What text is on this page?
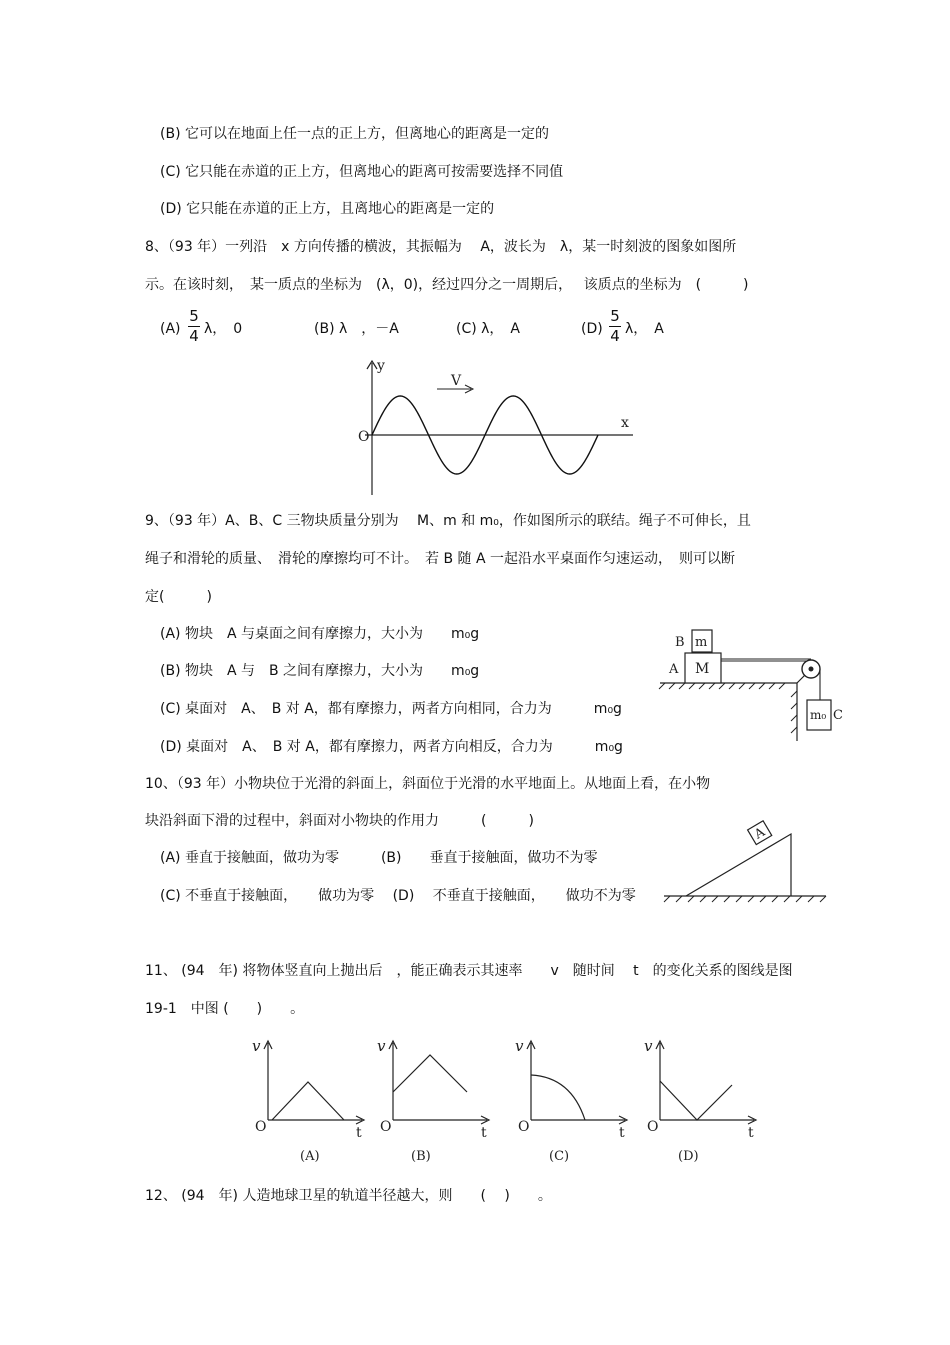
(B) 它可以在地面上任一点的正上方，但离地心的距离是一定的
(C) 它只能在赤道的正上方，但离地心的距离可按需要选择不同值
(D) 它只能在赤道的正上方，且离地心的距离是一定的
8、（93 年）一列沿　x 方向传播的横波，其振幅为　 A，波长为　λ，某一时刻波的图象如图所
示。在该时刻，　某一质点的坐标为　(λ，0)，经过四分之一周期后，　 该质点的坐标为　(　　　)
(A)
5
4 λ，　0	(B) λ　，－A	(C) λ，　A	(D)
5
4 λ，　A
V
y
x
O
9、（93 年）A、B、C 三物块质量分别为　 M、m 和 m₀，作如图所示的联结。绳子不可伸长，且
绳子和滑轮的质量、　滑轮的摩擦均可不计。　若 B 随 A 一起沿水平桌面作匀速运动，　则可以断
定(　　　)
(A) 物块　A 与桌面之间有摩擦力，大小为　　m₀g
(B) 物块　A 与　B 之间有摩擦力，大小为　　m₀g
(C) 桌面对　A、　B 对 A，都有摩擦力，两者方向相同，合力为　　　m₀g
(D) 桌面对　A、　B 对 A，都有摩擦力，两者方向相反，合力为　　　m₀g
B m
A M
m₀ C
10、（93 年）小物块位于光滑的斜面上，斜面位于光滑的水平地面上。从地面上看，在小物
块沿斜面下滑的过程中，斜面对小物块的作用力　　　(　　　)
(A) 垂直于接触面，做功为零　　　(B)　　垂直于接触面，做功不为零
(C) 不垂直于接触面，　　做功为零　 (D)　 不垂直于接触面，　　做功不为零
A
11、 (94　年) 将物体竖直向上抛出后　，能正确表示其速率　　v　随时间　 t　的变化关系的图线是图
19-1　中图 (　　)　　。
v
t
O
(A)
v
t
O
(B)
v
t
O
(C)
v
t
O
(D)
12、 (94　年) 人造地球卫星的轨道半径越大，则　　(　 )　　。
